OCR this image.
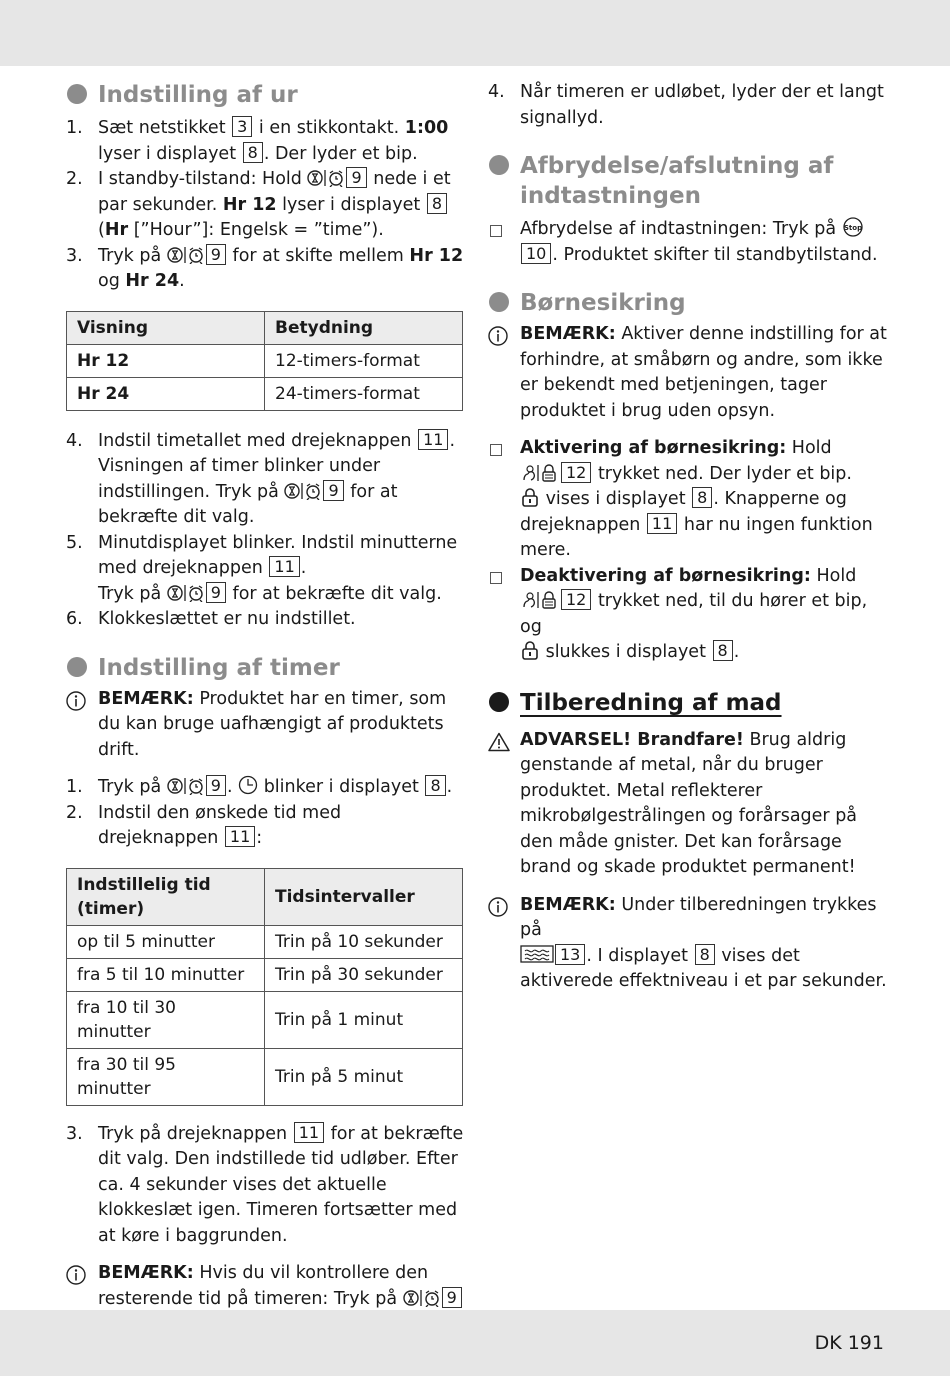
Indstilling af ur
1. Sæt netstikket 3 i en stikkontakt. 1:00 lyser i displayet 8 . Der lyder et bip.
2. I standby-tilstand: Hold	9 nede i et par sekunder. Hr 12 lyser i displayet 8 (Hr [”Hour”]: Engelsk = ”time”).
3. Tryk på	9 for at skifte mellem Hr 12 og Hr 24.
Visning	Betydning
Hr 12	12-timers-format
Hr 24	24-timers-format
4. Indstil timetallet med drejeknappen 11 . Visningen af timer blinker under indstillingen. Tryk på	9 for at bekræfte dit valg.
5. Minutdisplayet blinker. Indstil minutterne med drejeknappen 11 .
Tryk på	9 for at bekræfte dit valg.
6. Klokkeslættet er nu indstillet.
Indstilling af timer
BEMÆRK: Produktet har en timer, som du kan bruge uafhængigt af produktets drift.
1. Tryk på	9 . blinker i displayet 8 .
2. Indstil den ønskede tid med drejeknappen 11 :
Indstillelig tid (timer)	Tidsintervaller
op til 5 minutter	Trin på 10 sekunder
fra 5 til 10 minutter	Trin på 30 sekunder
fra 10 til 30 minutter	Trin på 1 minut
fra 30 til 95 minutter	Trin på 5 minut
3. Tryk på drejeknappen 11 for at bekræfte dit valg. Den indstillede tid udløber. Efter ca. 4 sekunder vises det aktuelle klokkeslæt igen. Timeren fortsætter med at køre i baggrunden.
BEMÆRK: Hvis du vil kontrollere den resterende tid på timeren: Tryk på	9

4. Når timeren er udløbet, lyder der et langt signallyd.
Afbrydelse/afslutning af indtastningen
Afbrydelse af indtastningen: Tryk på Stop
10 . Produktet skifter til standbytilstand.
Børnesikring
BEMÆRK: Aktiver denne indstilling for at forhindre, at småbørn og andre, som ikke er bekendt med betjeningen, tager produktet i brug uden opsyn.
Aktivering af børnesikring: Hold
12 trykket ned. Der lyder et bip.
vises i displayet 8 . Knapperne og drejeknappen 11 har nu ingen funktion mere.
Deaktivering af børnesikring: Hold
12 trykket ned, til du hører et bip, og
slukkes i displayet 8 .
Tilberedning af mad
ADVARSEL! Brandfare! Brug aldrig genstande af metal, når du bruger produktet. Metal reflekterer mikrobølgestrålingen og forårsager på den måde gnister. Det kan forårsage brand og skade produktet permanent!
BEMÆRK: Under tilberedningen trykkes på
13 . I displayet 8 vises det aktiverede effektniveau i et par sekunder.
DK 191
